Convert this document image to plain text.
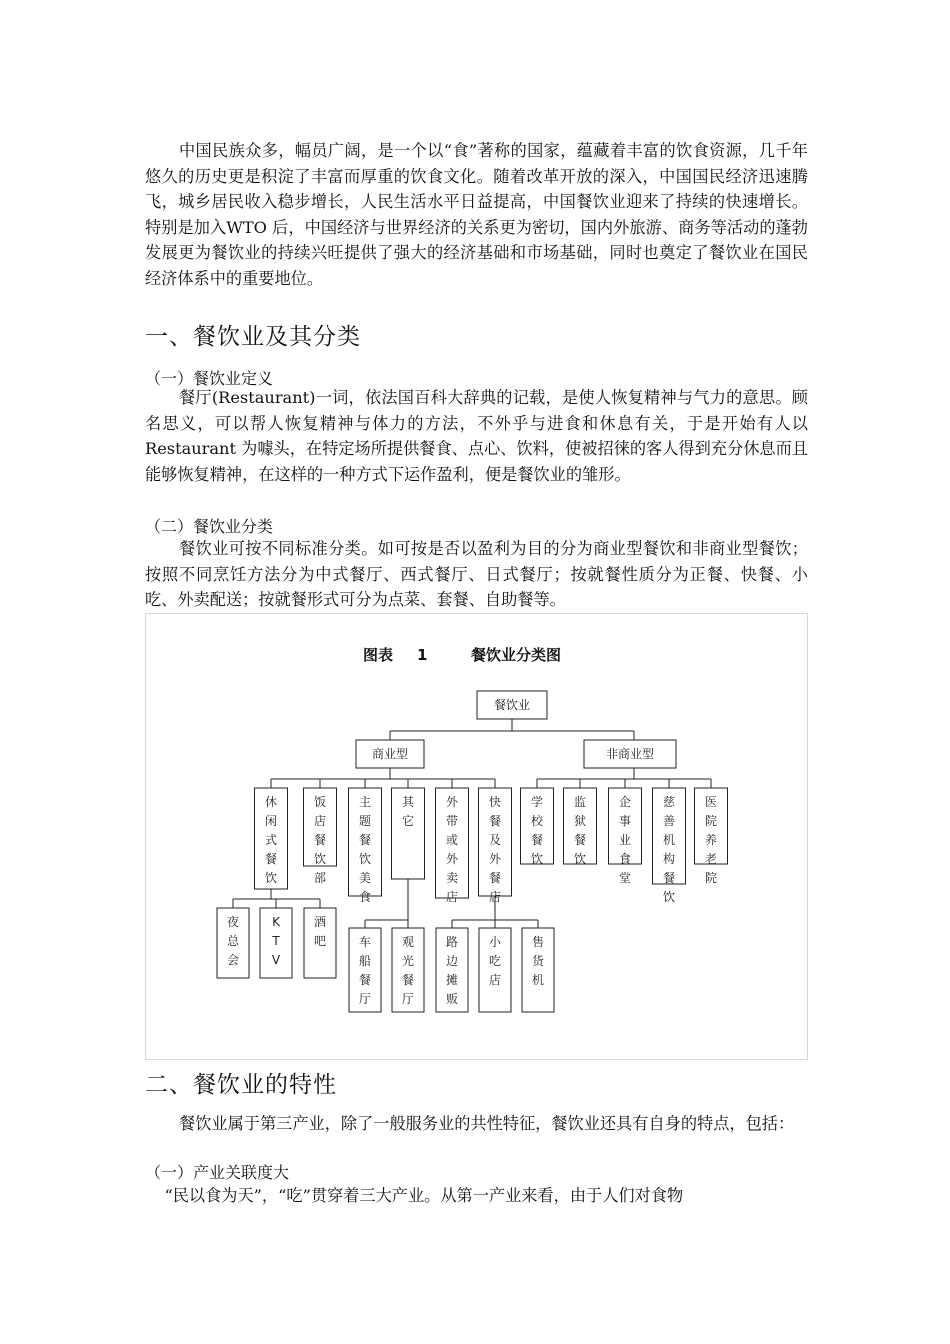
中国民族众多，幅员广阔，是一个以“食”著称的国家，蕴藏着丰富的饮食资源，几千年悠久的历史更是积淀了丰富而厚重的饮食文化。随着改革开放的深入，中国国民经济迅速腾飞，城乡居民收入稳步增长，人民生活水平日益提高，中国餐饮业迎来了持续的快速增长。特别是加入WTO 后，中国经济与世界经济的关系更为密切，国内外旅游、商务等活动的蓬勃发展更为餐饮业的持续兴旺提供了强大的经济基础和市场基础，同时也奠定了餐饮业在国民经济体系中的重要地位。

一、餐饮业及其分类
（一）餐饮业定义

餐厅(Restaurant)一词，依法国百科大辞典的记载，是使人恢复精神与气力的意思。顾名思义，可以帮人恢复精神与体力的方法，不外乎与进食和休息有关，于是开始有人以Restaurant 为噱头，在特定场所提供餐食、点心、饮料，使被招徕的客人得到充分休息而且能够恢复精神，在这样的一种方式下运作盈利，便是餐饮业的雏形。

（二）餐饮业分类

餐饮业可按不同标准分类。如可按是否以盈利为目的分为商业型餐饮和非商业型餐饮；按照不同烹饪方法分为中式餐厅、西式餐厅、日式餐厅；按就餐性质分为正餐、快餐、小吃、外卖配送；按就餐形式可分为点菜、套餐、自助餐等。

图表 1	餐饮业分类图
餐饮业
商业型	非商业型
休闲式餐饮
饭店餐饮部
主题餐饮美食
其它
外带或外卖店
快餐及外餐店
学校餐饮
监狱餐饮
企事业食堂
慈善机构餐饮
医院养老院
夜总会
K T V
酒吧	车船餐厅
观光餐厅
路边摊贩
小吃店
售货机
二、餐饮业的特性

餐饮业属于第三产业，除了一般服务业的共性特征，餐饮业还具有自身的特点，包括：

（一）产业关联度大

“民以食为天”，“吃”贯穿着三大产业。从第一产业来看，由于人们对食物
